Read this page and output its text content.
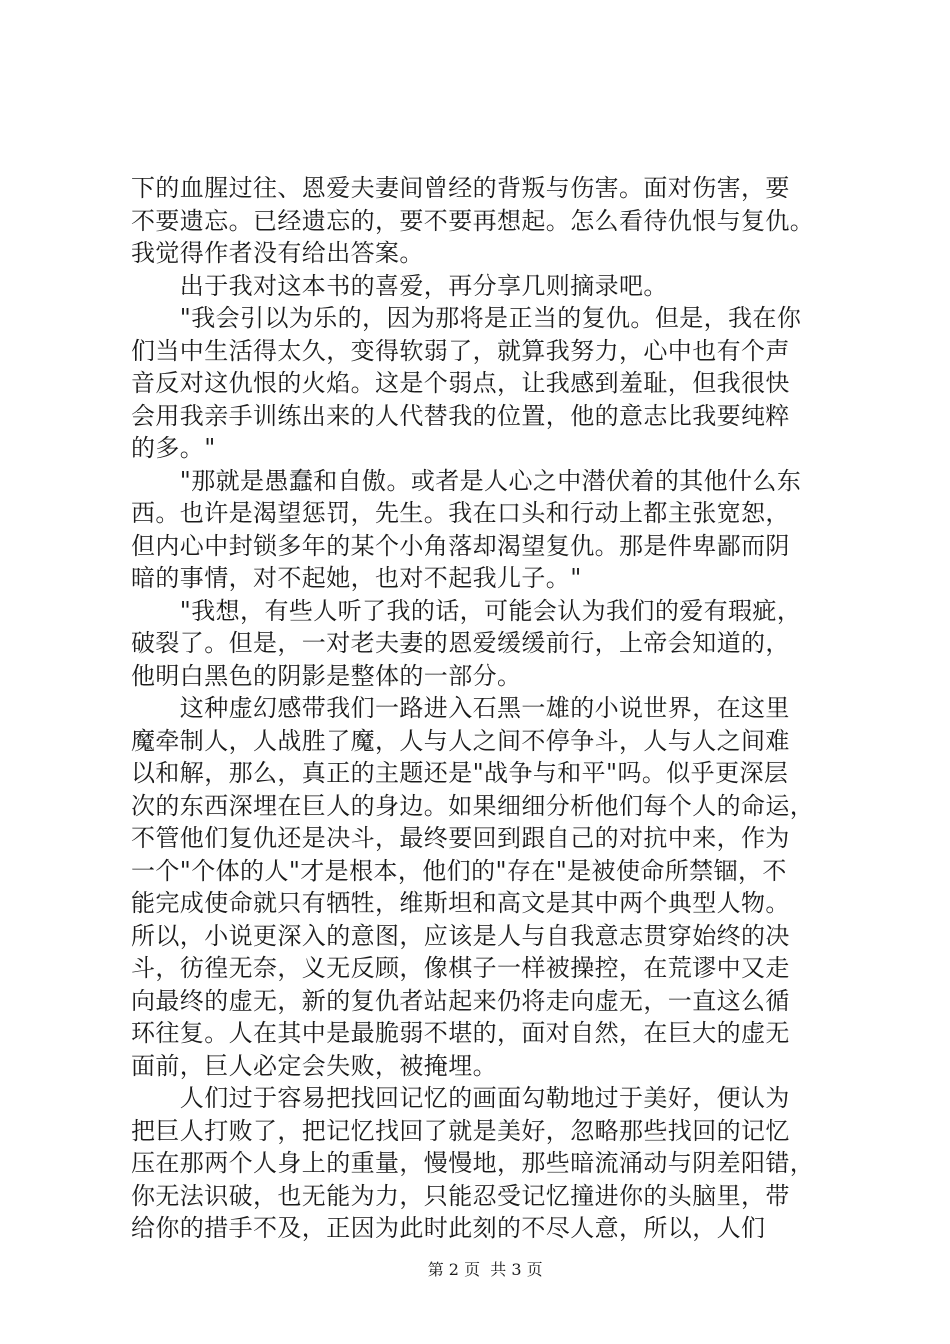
下的血腥过往、恩爱夫妻间曾经的背叛与伤害。面对伤害，要
不要遗忘。已经遗忘的，要不要再想起。怎么看待仇恨与复仇。
我觉得作者没有给出答案。
　　出于我对这本书的喜爱，再分享几则摘录吧。
　　"我会引以为乐的，因为那将是正当的复仇。但是，我在你
们当中生活得太久，变得软弱了，就算我努力，心中也有个声
音反对这仇恨的火焰。这是个弱点，让我感到羞耻，但我很快
会用我亲手训练出来的人代替我的位置，他的意志比我要纯粹
的多。"
　　"那就是愚蠢和自傲。或者是人心之中潜伏着的其他什么东
西。也许是渴望惩罚，先生。我在口头和行动上都主张宽恕，
但内心中封锁多年的某个小角落却渴望复仇。那是件卑鄙而阴
暗的事情，对不起她，也对不起我儿子。"
　　"我想，有些人听了我的话，可能会认为我们的爱有瑕疵，
破裂了。但是，一对老夫妻的恩爱缓缓前行，上帝会知道的，
他明白黑色的阴影是整体的一部分。
　　这种虚幻感带我们一路进入石黑一雄的小说世界，在这里
魔牵制人，人战胜了魔，人与人之间不停争斗，人与人之间难
以和解，那么，真正的主题还是"战争与和平"吗。似乎更深层
次的东西深埋在巨人的身边。如果细细分析他们每个人的命运，
不管他们复仇还是决斗，最终要回到跟自己的对抗中来，作为
一个"个体的人"才是根本，他们的"存在"是被使命所禁锢，不
能完成使命就只有牺牲，维斯坦和高文是其中两个典型人物。
所以，小说更深入的意图，应该是人与自我意志贯穿始终的决
斗，彷徨无奈，义无反顾，像棋子一样被操控，在荒谬中又走
向最终的虚无，新的复仇者站起来仍将走向虚无，一直这么循
环往复。人在其中是最脆弱不堪的，面对自然，在巨大的虚无
面前，巨人必定会失败，被掩埋。
　　人们过于容易把找回记忆的画面勾勒地过于美好，便认为
把巨人打败了，把记忆找回了就是美好，忽略那些找回的记忆
压在那两个人身上的重量，慢慢地，那些暗流涌动与阴差阳错，
你无法识破，也无能为力，只能忍受记忆撞进你的头脑里，带
给你的措手不及，正因为此时此刻的不尽人意，所以，人们

第 2 页  共 3 页
